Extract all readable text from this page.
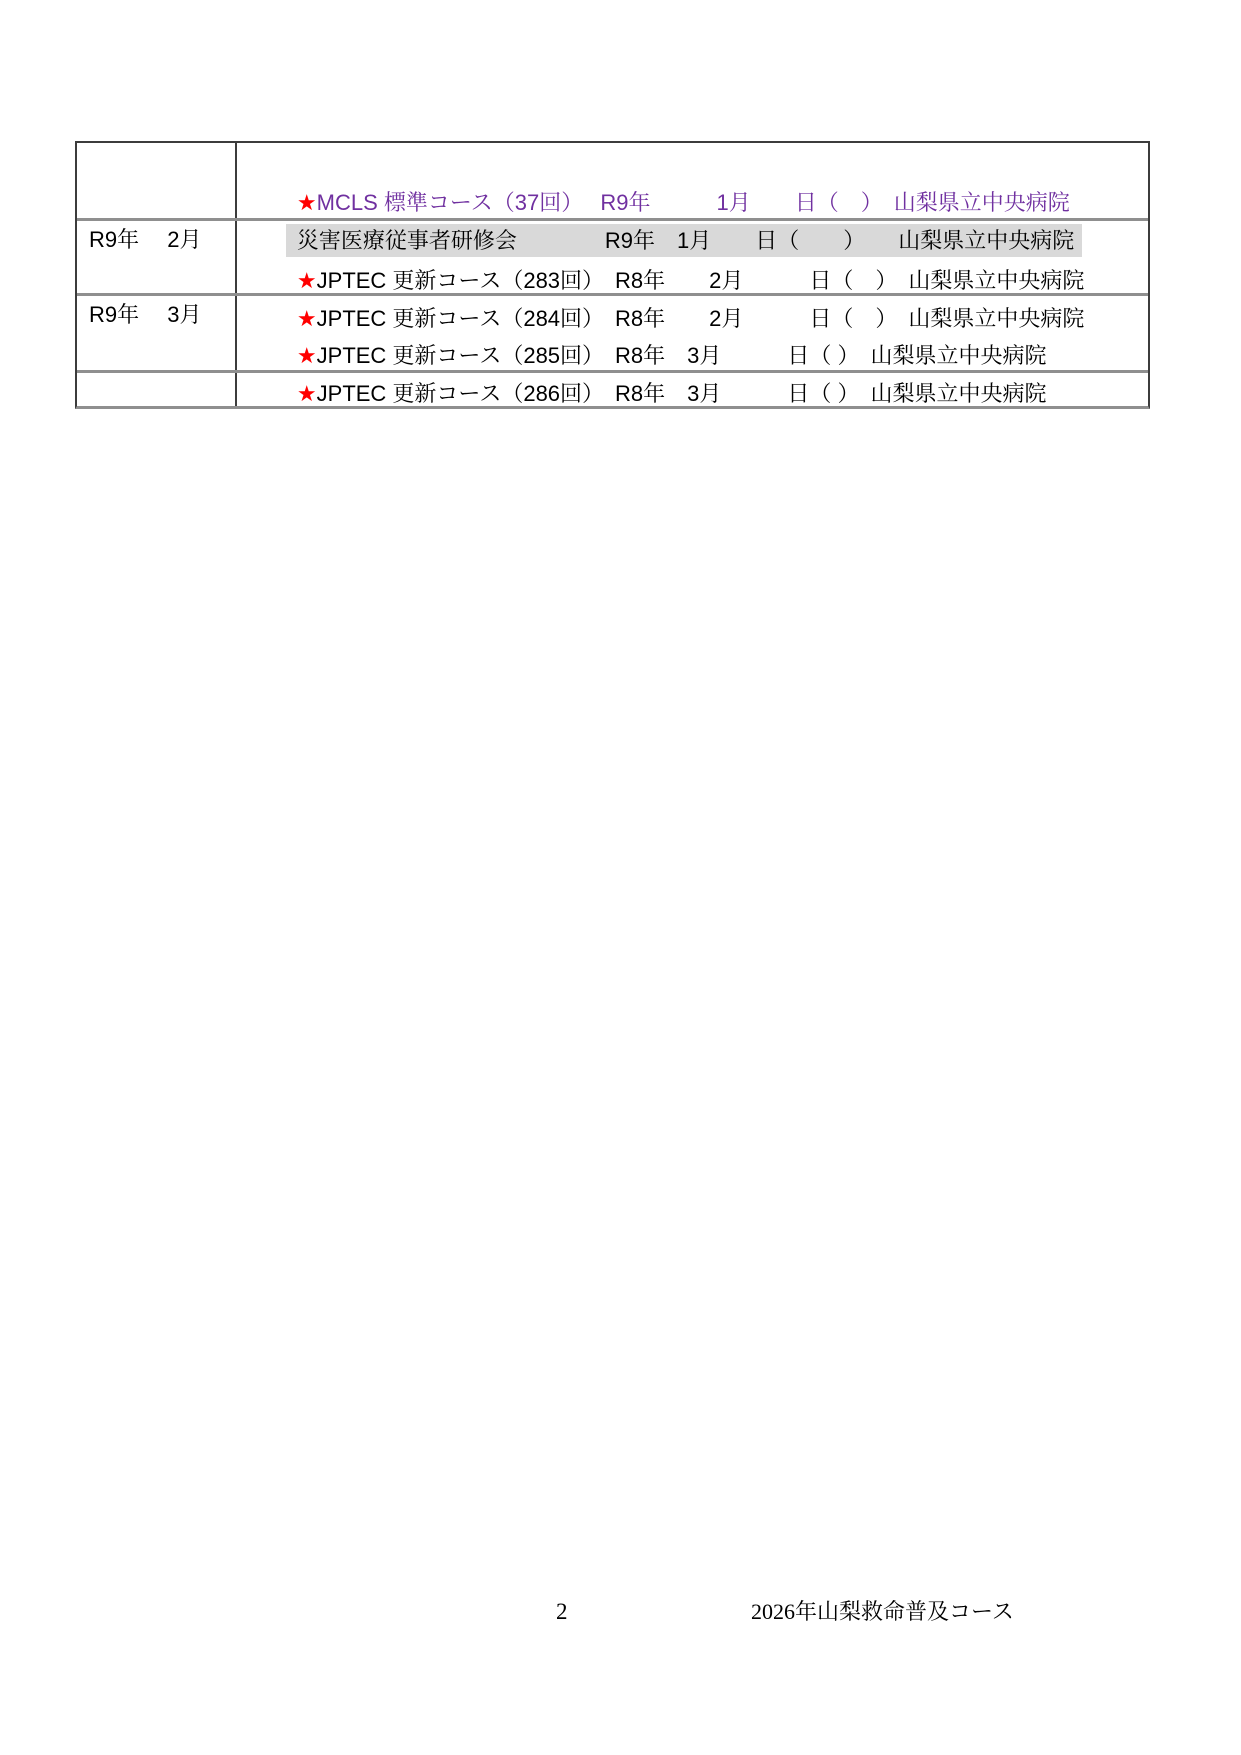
R9年　 2月
R9年　 3月

★MCLS 標準コース（37回）　 R9年　　　1月　　日（　）　山梨県立中央病院

災害医療従事者研修会　　　　R9年　1月　　日（　　）　　山梨県立中央病院

★JPTEC 更新コース（283回）　R8年　　2月　　　日（　）　山梨県立中央病院

★JPTEC 更新コース（284回）　R8年　　2月　　　日（　）　山梨県立中央病院

★JPTEC 更新コース（285回）　R8年　3月　　　日（ ）　山梨県立中央病院

★JPTEC 更新コース（286回）　R8年　3月　　　日（ ）　山梨県立中央病院

2	2026年山梨救命普及コース
